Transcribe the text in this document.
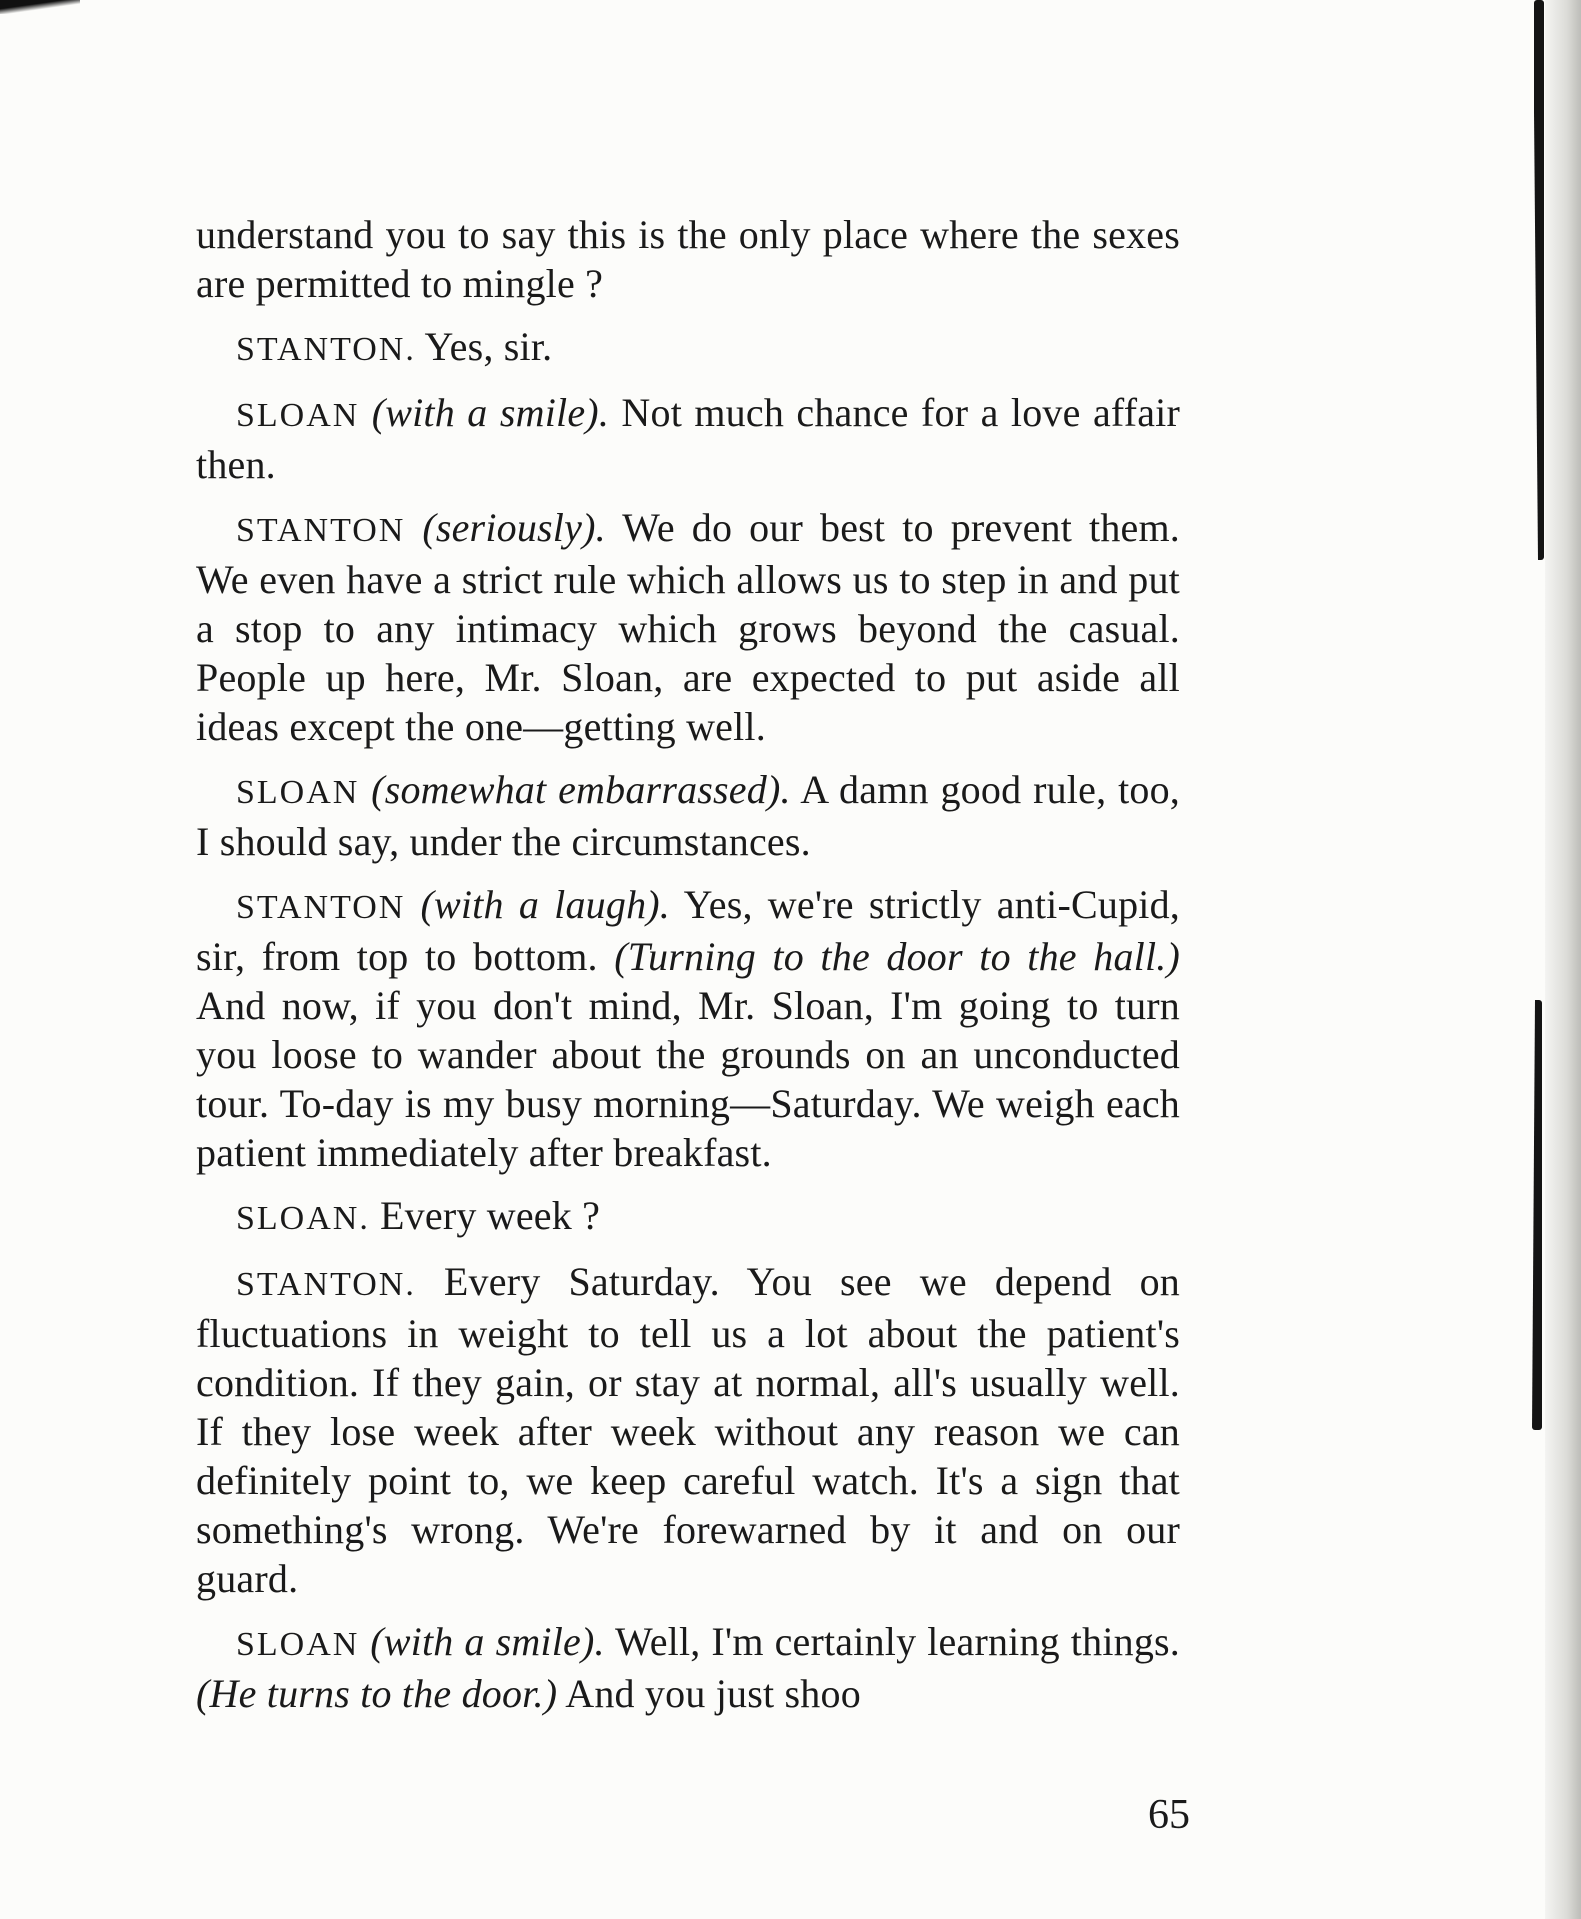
understand you to say this is the only place where the sexes are permitted to mingle ?

STANTON. Yes, sir.

SLOAN (with a smile). Not much chance for a love affair then.

STANTON (seriously). We do our best to prevent them. We even have a strict rule which allows us to step in and put a stop to any intimacy which grows beyond the casual. People up here, Mr. Sloan, are expected to put aside all ideas except the one—getting well.

SLOAN (somewhat embarrassed). A damn good rule, too, I should say, under the circumstances.

STANTON (with a laugh). Yes, we're strictly anti-Cupid, sir, from top to bottom. (Turning to the door to the hall.) And now, if you don't mind, Mr. Sloan, I'm going to turn you loose to wander about the grounds on an unconducted tour. To-day is my busy morning—Saturday. We weigh each patient immediately after breakfast.

SLOAN. Every week ?

STANTON. Every Saturday. You see we depend on fluctuations in weight to tell us a lot about the patient's condition. If they gain, or stay at normal, all's usually well. If they lose week after week without any reason we can definitely point to, we keep careful watch. It's a sign that something's wrong. We're forewarned by it and on our guard.

SLOAN (with a smile). Well, I'm certainly learning things. (He turns to the door.) And you just shoo

65
